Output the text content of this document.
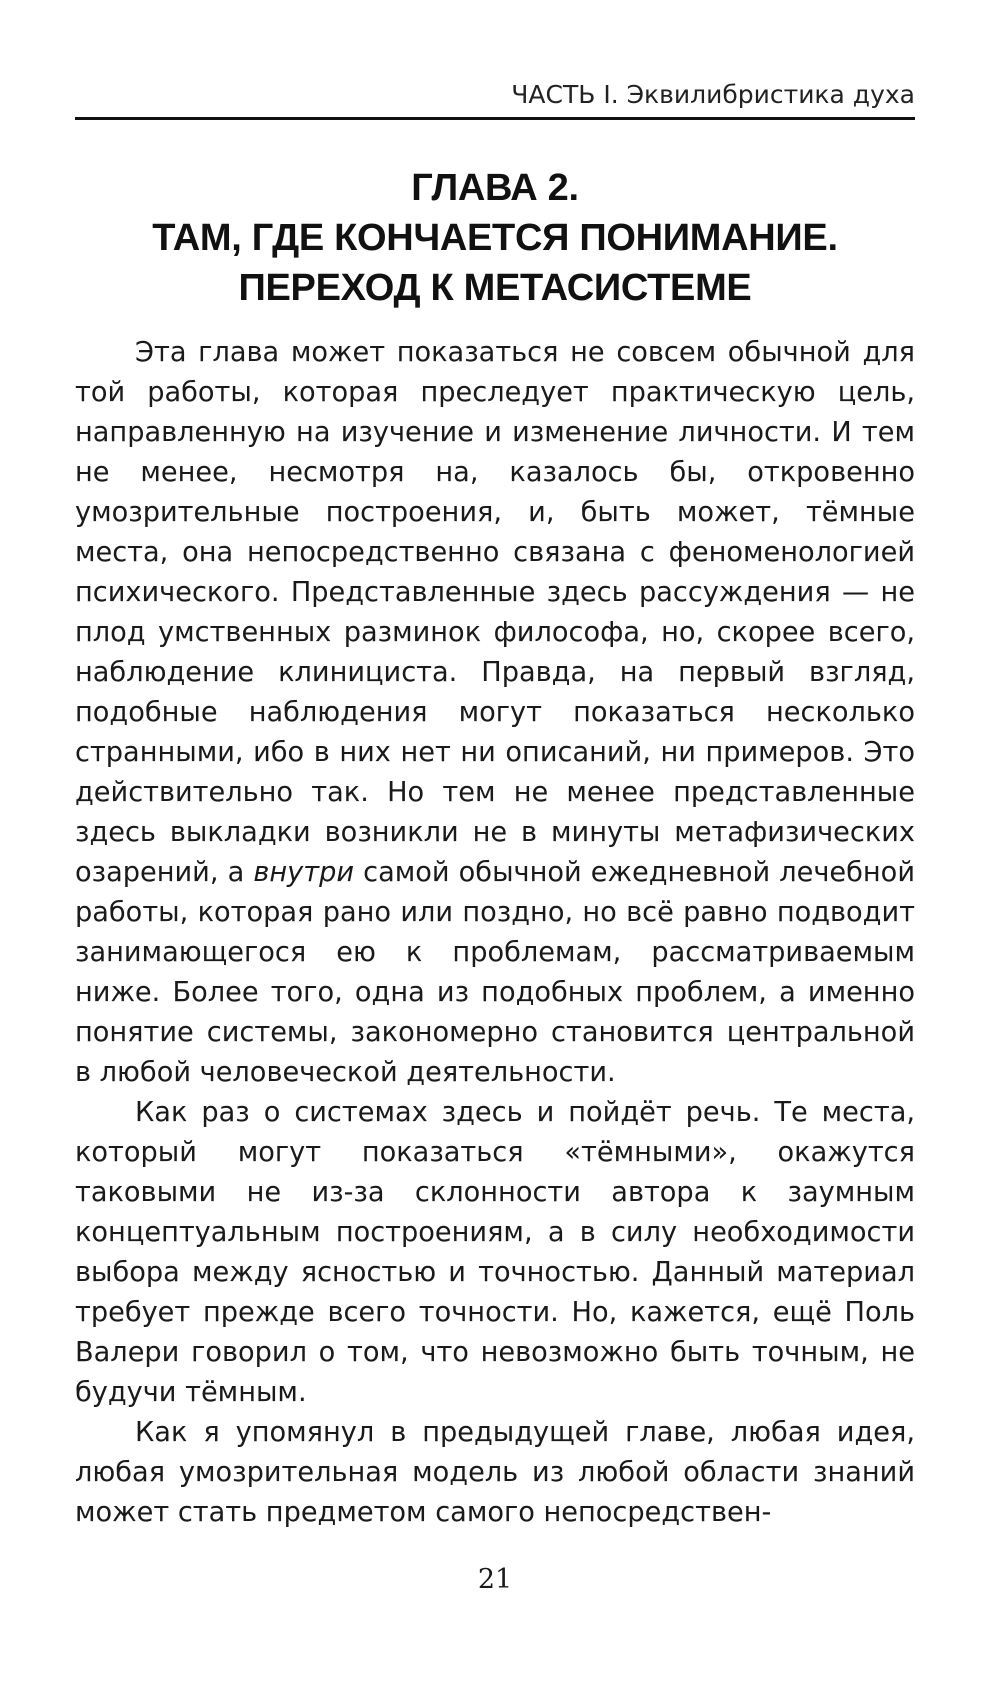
ЧАСТЬ I. Эквилибристика духа
ГЛАВА 2.
ТАМ, ГДЕ КОНЧАЕТСЯ ПОНИМАНИЕ.
ПЕРЕХОД К МЕТАСИСТЕМЕ

Эта глава может показаться не совсем обычной для той работы, которая преследует практическую цель, направленную на изучение и изменение личности. И тем не менее, несмотря на, казалось бы, откровенно умозрительные построения, и, быть может, тёмные места, она непосредственно связана с феноменологией психического. Представленные здесь рассуждения — не плод умственных разминок философа, но, скорее всего, наблюдение клинициста. Правда, на первый взгляд, подобные наблюдения могут показаться несколько странными, ибо в них нет ни описаний, ни примеров. Это действительно так. Но тем не менее представленные здесь выкладки возникли не в минуты метафизических озарений, а внутри самой обычной ежедневной лечебной работы, которая рано или поздно, но всё равно подводит занимающегося ею к проблемам, рассматриваемым ниже. Более того, одна из подобных проблем, а именно понятие системы, закономерно становится центральной в любой человеческой деятельности.

Как раз о системах здесь и пойдёт речь. Те места, который могут показаться «тёмными», окажутся таковыми не из-за склонности автора к заумным концептуальным построениям, а в силу необходимости выбора между ясностью и точностью. Данный материал требует прежде всего точности. Но, кажется, ещё Поль Валери говорил о том, что невозможно быть точным, не будучи тёмным.

Как я упомянул в предыдущей главе, любая идея, любая умозрительная модель из любой области знаний может стать предметом самого непосредствен-

21
